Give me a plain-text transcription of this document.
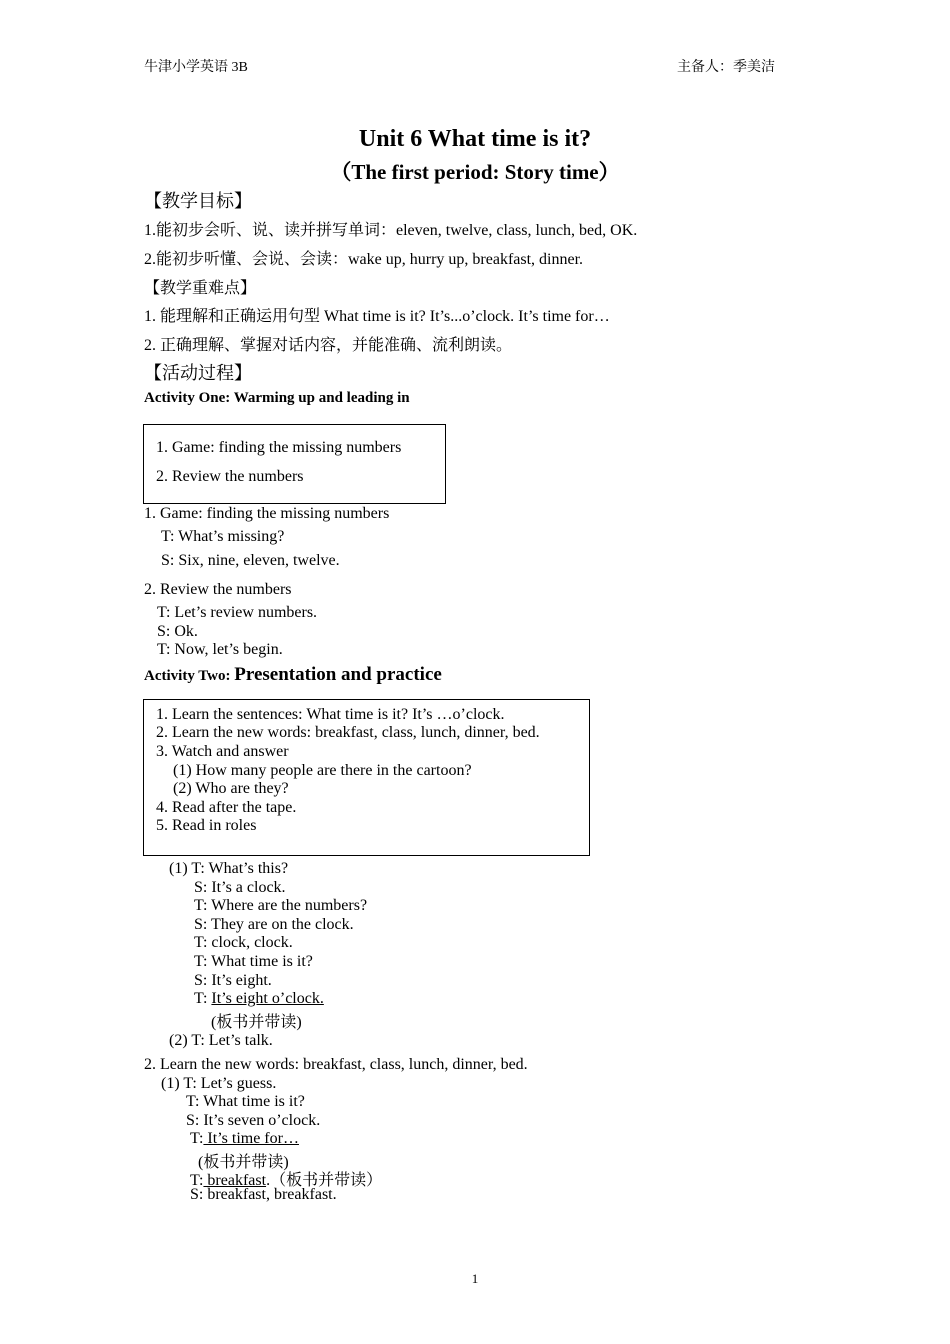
牛津小学英语 3B	主备人：季美洁
Unit 6 What time is it?
（The first period: Story time）
【教学目标】
1.能初步会听、说、读并拼写单词：eleven, twelve, class, lunch, bed, OK.
2.能初步听懂、会说、会读：wake up, hurry up, breakfast, dinner.
【教学重难点】
1. 能理解和正确运用句型 What time is it? It’s...o’clock. It’s time for…
2. 正确理解、掌握对话内容，并能准确、流利朗读。
【活动过程】
Activity One: Warming up and leading in
1. Game: finding the missing numbers
2. Review the numbers
1. Game: finding the missing numbers
T: What’s missing?
S: Six, nine, eleven, twelve.
2. Review the numbers
T: Let’s review numbers.
S: Ok.
T: Now, let’s begin.
Activity Two: Presentation and practice
1. Learn the sentences: What time is it? It’s …o’clock.
2. Learn the new words: breakfast, class, lunch, dinner, bed.
3. Watch and answer
(1) How many people are there in the cartoon?
(2) Who are they?
4. Read after the tape.
5. Read in roles
(1) T: What’s this?
S: It’s a clock.
T: Where are the numbers?
S: They are on the clock.
T: clock, clock.
T: What time is it?
S: It’s eight.
T: It’s eight o’clock.
(板书并带读)
(2) T: Let’s talk.
2. Learn the new words: breakfast, class, lunch, dinner, bed.
(1) T: Let’s guess.
T: What time is it?
S: It’s seven o’clock.
T: It’s time for…
(板书并带读)
T: breakfast.（板书并带读）
S: breakfast, breakfast.
1
